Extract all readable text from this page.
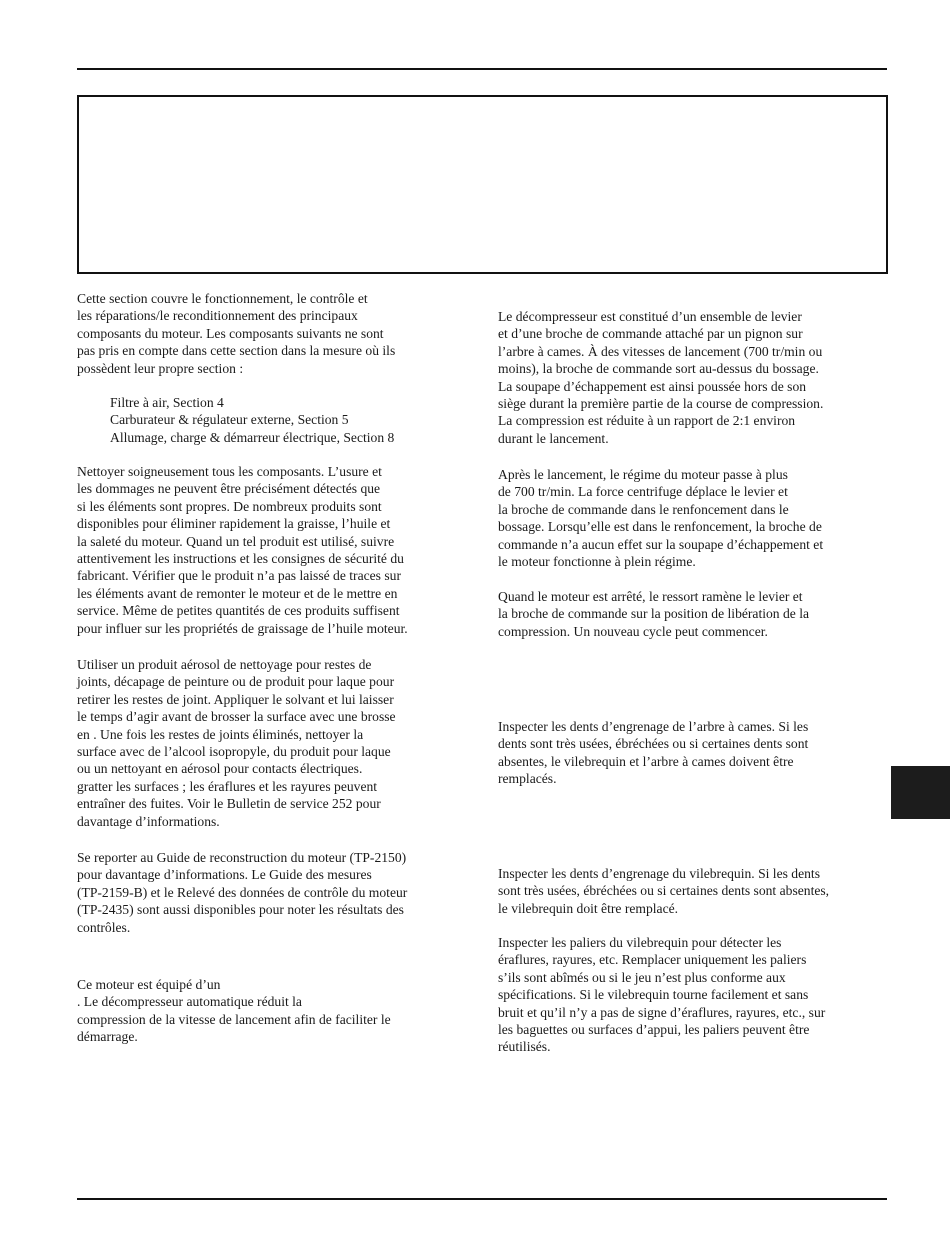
Cette section couvre le fonctionnement, le contrôle et
les réparations/le reconditionnement des principaux
composants du moteur. Les composants suivants ne sont
pas pris en compte dans cette section dans la mesure où ils
possèdent leur propre section :

Filtre à air, Section 4
Carburateur & régulateur externe, Section 5
Allumage, charge & démarreur électrique, Section 8

Nettoyer soigneusement tous les composants. L’usure et
les dommages ne peuvent être précisément détectés que
si les éléments sont propres. De nombreux produits sont
disponibles pour éliminer rapidement la graisse, l’huile et
la saleté du moteur. Quand un tel produit est utilisé, suivre
attentivement les instructions et les consignes de sécurité du
fabricant. Vérifier que le produit n’a pas laissé de traces sur
les éléments avant de remonter le moteur et de le mettre en
service. Même de petites quantités de ces produits suffisent
pour influer sur les propriétés de graissage de l’huile moteur.

Utiliser un produit aérosol de nettoyage pour restes de
joints, décapage de peinture ou de produit pour laque pour
retirer les restes de joint. Appliquer le solvant et lui laisser
le temps d’agir avant de brosser la surface avec une brosse
en . Une fois les restes de joints éliminés, nettoyer la
surface avec de l’alcool isopropyle, du produit pour laque
ou un nettoyant en aérosol pour contacts électriques.
gratter les surfaces ; les éraflures et les rayures peuvent
entraîner des fuites. Voir le Bulletin de service 252 pour
davantage d’informations.

Se reporter au Guide de reconstruction du moteur (TP-2150)
pour davantage d’informations. Le Guide des mesures
(TP-2159-B) et le Relevé des données de contrôle du moteur
(TP-2435) sont aussi disponibles pour noter les résultats des
contrôles.

Ce moteur est équipé d’un
. Le décompresseur automatique réduit la
compression de la vitesse de lancement afin de faciliter le
démarrage.

Le décompresseur est constitué d’un ensemble de levier
et d’une broche de commande attaché par un pignon sur
l’arbre à cames. À des vitesses de lancement (700 tr/min ou
moins), la broche de commande sort au-dessus du bossage.
La soupape d’échappement est ainsi poussée hors de son
siège durant la première partie de la course de compression.
La compression est réduite à un rapport de 2:1 environ
durant le lancement.

Après le lancement, le régime du moteur passe à plus
de 700 tr/min. La force centrifuge déplace le levier et
la broche de commande dans le renfoncement dans le
bossage. Lorsqu’elle est dans le renfoncement, la broche de
commande n’a aucun effet sur la soupape d’échappement et
le moteur fonctionne à plein régime.

Quand le moteur est arrêté, le ressort ramène le levier et
la broche de commande sur la position de libération de la
compression. Un nouveau cycle peut commencer.

Inspecter les dents d’engrenage de l’arbre à cames. Si les
dents sont très usées, ébréchées ou si certaines dents sont
absentes, le vilebrequin et l’arbre à cames doivent être
remplacés.

Inspecter les dents d’engrenage du vilebrequin. Si les dents
sont très usées, ébréchées ou si certaines dents sont absentes,
le vilebrequin doit être remplacé.

Inspecter les paliers du vilebrequin pour détecter les
éraflures, rayures, etc. Remplacer uniquement les paliers
s’ils sont abîmés ou si le jeu n’est plus conforme aux
spécifications. Si le vilebrequin tourne facilement et sans
bruit et qu’il n’y a pas de signe d’éraflures, rayures, etc., sur
les baguettes ou surfaces d’appui, les paliers peuvent être
réutilisés.
